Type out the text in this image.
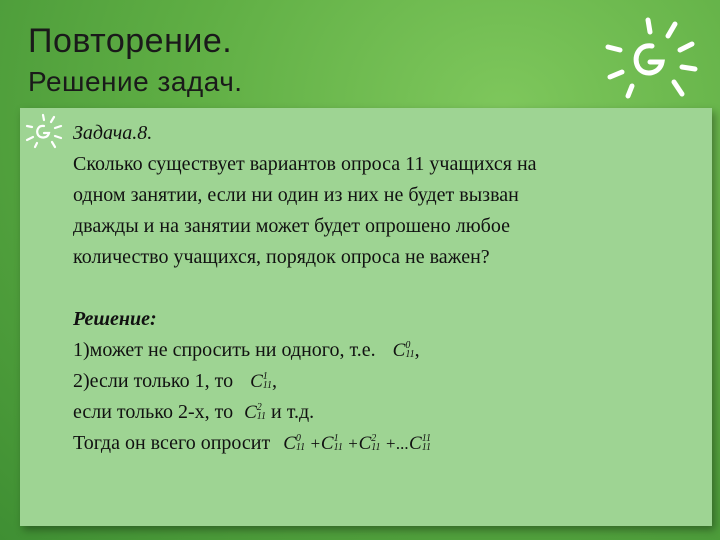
Повторение.
Решение задач.

Задача.8.

Сколько существует вариантов опроса 11 учащихся на

одном занятии, если ни один из них не будет вызван

дважды и на занятии может будет опрошено любое

количество учащихся, порядок опроса не важен?

Решение:

1)может не спросить ни одного, т.е. C 0
11 ,

2)если только 1, то C 1
11 ,

если только 2-х, то C 2
11 и т.д.

Тогда он всего опросит C 0
11 +C 1
11 +C 2
11 +...C 11
11
